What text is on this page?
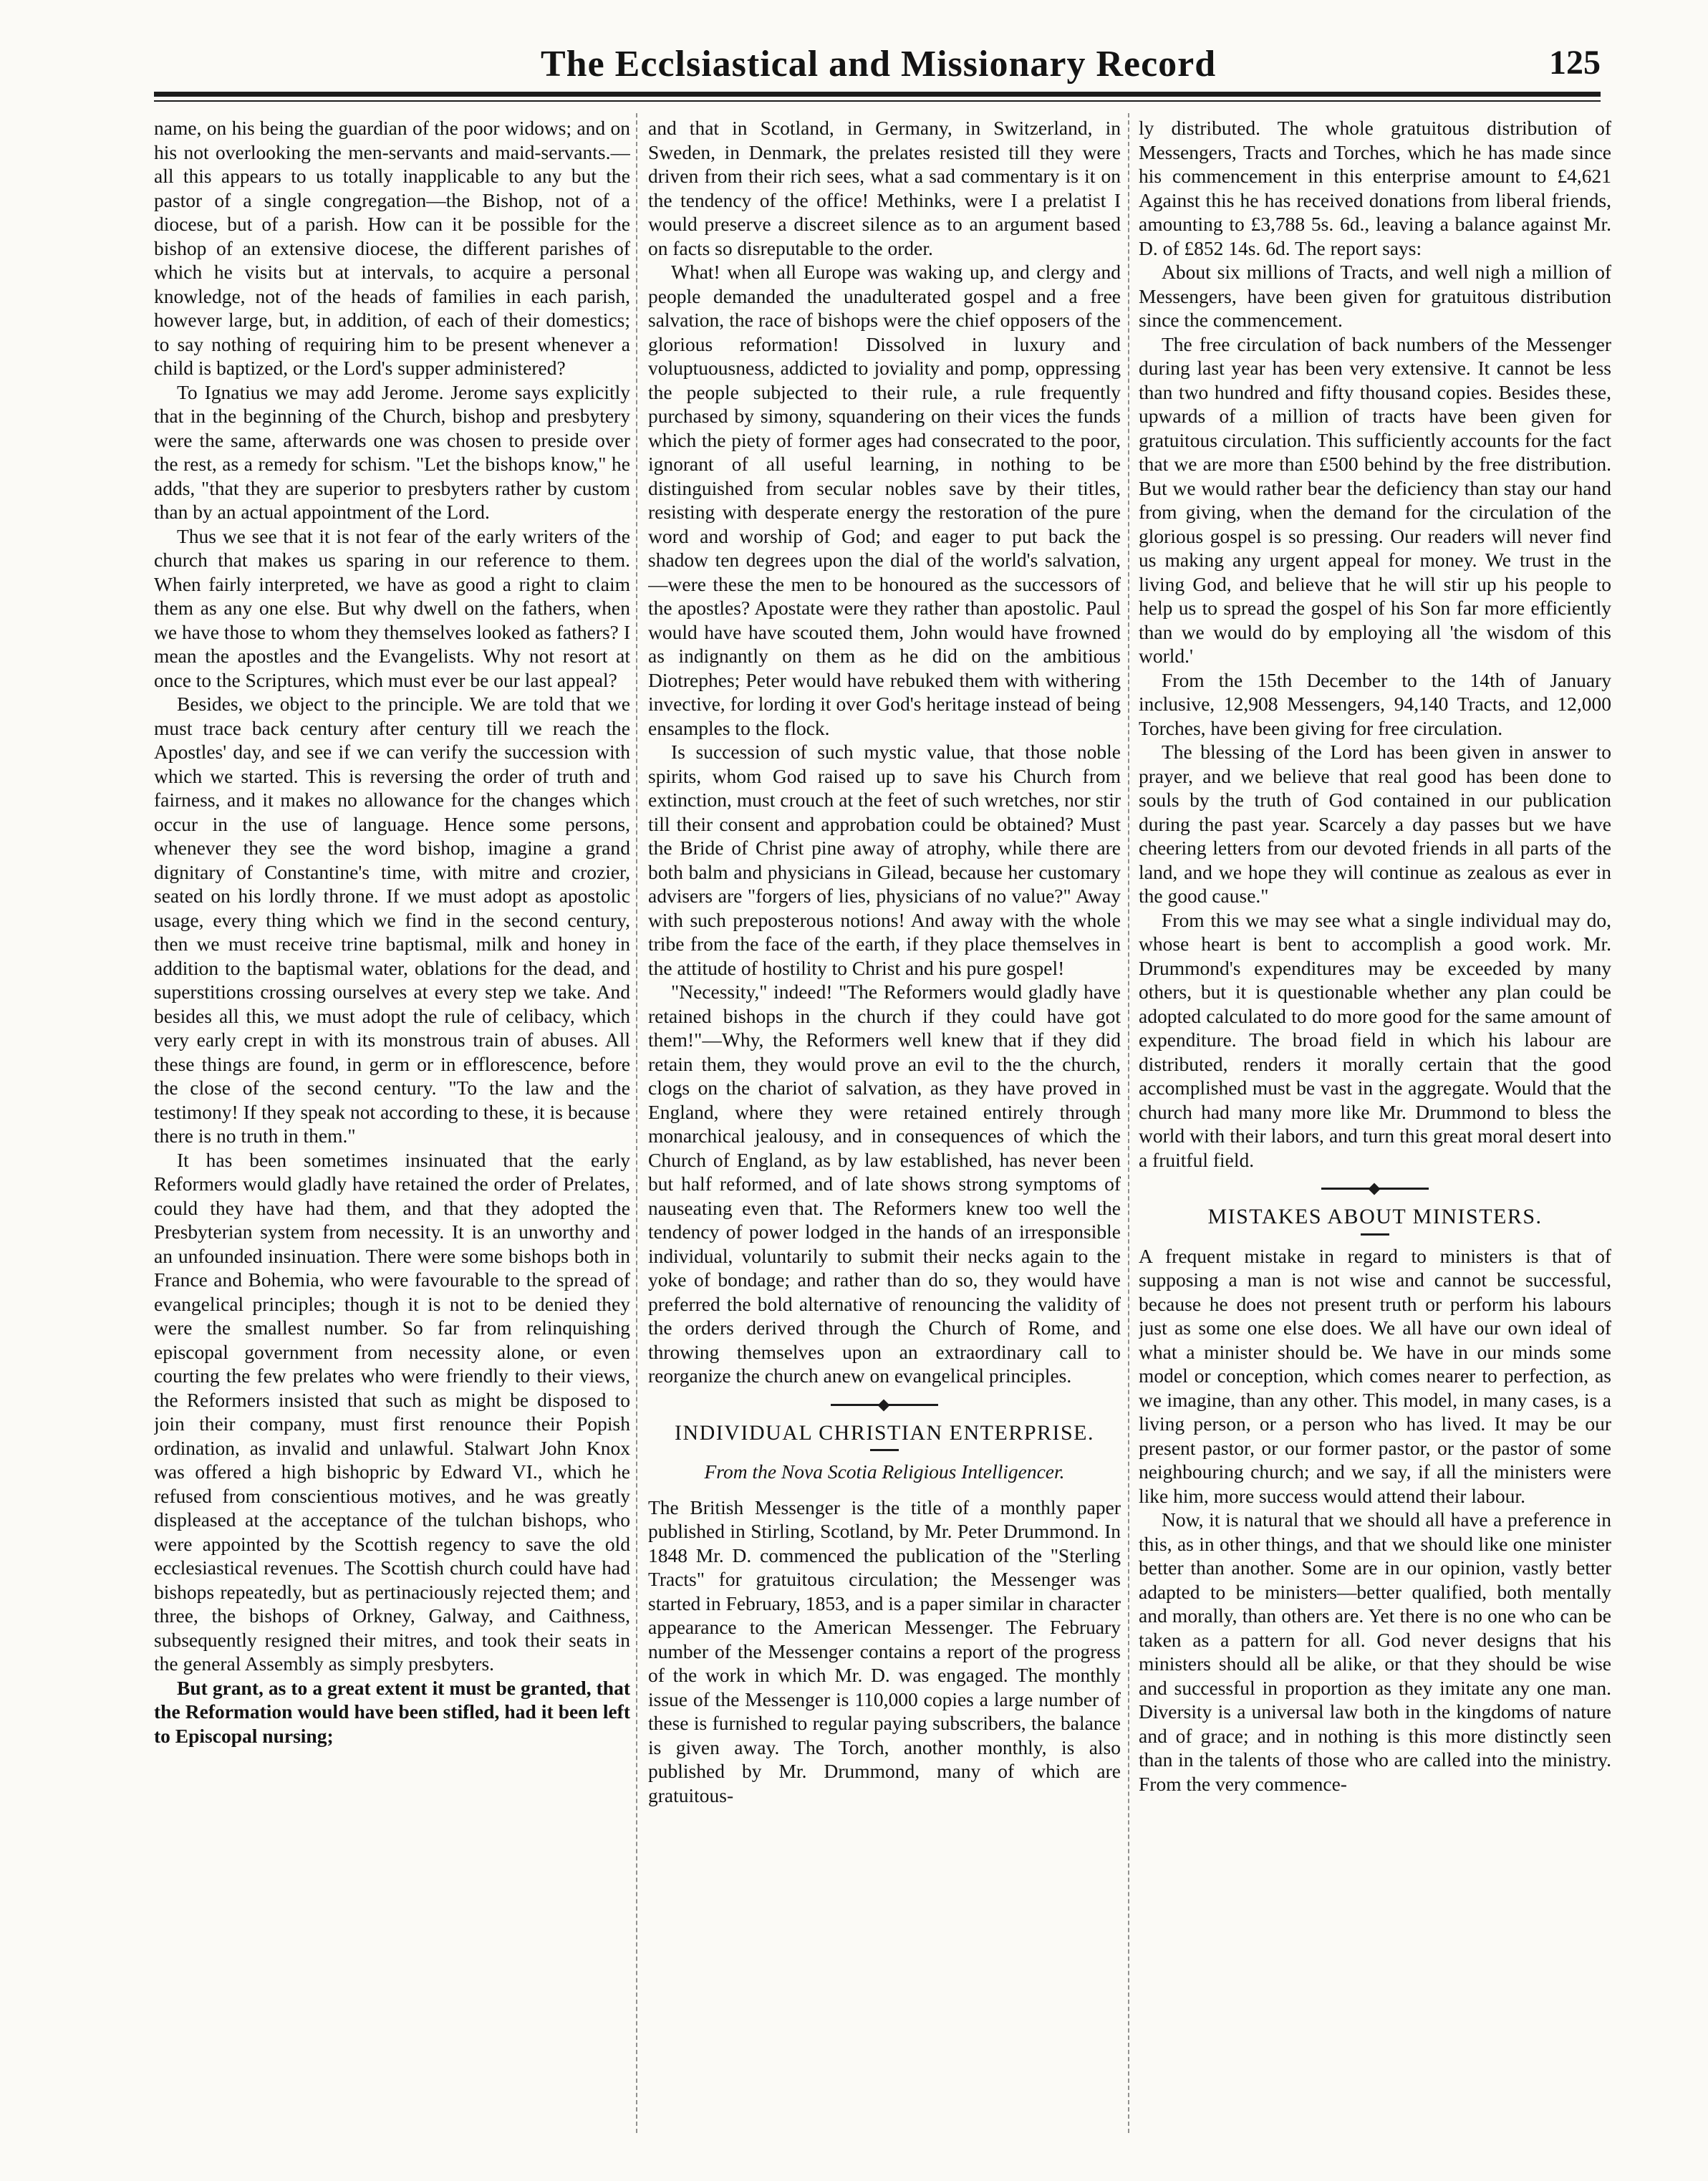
The Ecclsiastical and Missionary Record	125

name, on his being the guardian of the poor widows; and on his not overlooking the men-servants and maid-servants.—all this appears to us totally inapplicable to any but the pastor of a single congregation—the Bishop, not of a diocese, but of a parish. How can it be possible for the bishop of an extensive diocese, the different parishes of which he visits but at intervals, to acquire a personal knowledge, not of the heads of families in each parish, however large, but, in addition, of each of their domestics; to say nothing of requiring him to be present whenever a child is baptized, or the Lord's supper administered?

To Ignatius we may add Jerome. Jerome says explicitly that in the beginning of the Church, bishop and presbytery were the same, afterwards one was chosen to preside over the rest, as a remedy for schism. "Let the bishops know," he adds, "that they are superior to presbyters rather by custom than by an actual appointment of the Lord.

Thus we see that it is not fear of the early writers of the church that makes us sparing in our reference to them. When fairly interpreted, we have as good a right to claim them as any one else. But why dwell on the fathers, when we have those to whom they themselves looked as fathers? I mean the apostles and the Evangelists. Why not resort at once to the Scriptures, which must ever be our last appeal?

Besides, we object to the principle. We are told that we must trace back century after century till we reach the Apostles' day, and see if we can verify the succession with which we started. This is reversing the order of truth and fairness, and it makes no allowance for the changes which occur in the use of language. Hence some persons, whenever they see the word bishop, imagine a grand dignitary of Constantine's time, with mitre and crozier, seated on his lordly throne. If we must adopt as apostolic usage, every thing which we find in the second century, then we must receive trine baptismal, milk and honey in addition to the baptismal water, oblations for the dead, and superstitions crossing ourselves at every step we take. And besides all this, we must adopt the rule of celibacy, which very early crept in with its monstrous train of abuses. All these things are found, in germ or in efflorescence, before the close of the second century. "To the law and the testimony! If they speak not according to these, it is because there is no truth in them."

It has been sometimes insinuated that the early Reformers would gladly have retained the order of Prelates, could they have had them, and that they adopted the Presbyterian system from necessity. It is an unworthy and an unfounded insinuation. There were some bishops both in France and Bohemia, who were favourable to the spread of evangelical principles; though it is not to be denied they were the smallest number. So far from relinquishing episcopal government from necessity alone, or even courting the few prelates who were friendly to their views, the Reformers insisted that such as might be disposed to join their company, must first renounce their Popish ordination, as invalid and unlawful. Stalwart John Knox was offered a high bishopric by Edward VI., which he refused from conscientious motives, and he was greatly displeased at the acceptance of the tulchan bishops, who were appointed by the Scottish regency to save the old ecclesiastical revenues. The Scottish church could have had bishops repeatedly, but as pertinaciously rejected them; and three, the bishops of Orkney, Galway, and Caithness, subsequently resigned their mitres, and took their seats in the general Assembly as simply presbyters.

But grant, as to a great extent it must be granted, that the Reformation would have been stifled, had it been left to Episcopal nursing;

and that in Scotland, in Germany, in Switzerland, in Sweden, in Denmark, the prelates resisted till they were driven from their rich sees, what a sad commentary is it on the tendency of the office! Methinks, were I a prelatist I would preserve a discreet silence as to an argument based on facts so disreputable to the order.

What! when all Europe was waking up, and clergy and people demanded the unadulterated gospel and a free salvation, the race of bishops were the chief opposers of the glorious reformation! Dissolved in luxury and voluptuousness, addicted to joviality and pomp, oppressing the people subjected to their rule, a rule frequently purchased by simony, squandering on their vices the funds which the piety of former ages had consecrated to the poor, ignorant of all useful learning, in nothing to be distinguished from secular nobles save by their titles, resisting with desperate energy the restoration of the pure word and worship of God; and eager to put back the shadow ten degrees upon the dial of the world's salvation,—were these the men to be honoured as the successors of the apostles? Apostate were they rather than apostolic. Paul would have have scouted them, John would have frowned as indignantly on them as he did on the ambitious Diotrephes; Peter would have rebuked them with withering invective, for lording it over God's heritage instead of being ensamples to the flock.

Is succession of such mystic value, that those noble spirits, whom God raised up to save his Church from extinction, must crouch at the feet of such wretches, nor stir till their consent and approbation could be obtained? Must the Bride of Christ pine away of atrophy, while there are both balm and physicians in Gilead, because her customary advisers are "forgers of lies, physicians of no value?" Away with such preposterous notions! And away with the whole tribe from the face of the earth, if they place themselves in the attitude of hostility to Christ and his pure gospel!

"Necessity," indeed! "The Reformers would gladly have retained bishops in the church if they could have got them!"—Why, the Reformers well knew that if they did retain them, they would prove an evil to the the church, clogs on the chariot of salvation, as they have proved in England, where they were retained entirely through monarchical jealousy, and in consequences of which the Church of England, as by law established, has never been but half reformed, and of late shows strong symptoms of nauseating even that. The Reformers knew too well the tendency of power lodged in the hands of an irresponsible individual, voluntarily to submit their necks again to the yoke of bondage; and rather than do so, they would have preferred the bold alternative of renouncing the validity of the orders derived through the Church of Rome, and throwing themselves upon an extraordinary call to reorganize the church anew on evangelical principles.

INDIVIDUAL CHRISTIAN ENTERPRISE.
From the Nova Scotia Religious Intelligencer.

The British Messenger is the title of a monthly paper published in Stirling, Scotland, by Mr. Peter Drummond. In 1848 Mr. D. commenced the publication of the "Sterling Tracts" for gratuitous circulation; the Messenger was started in February, 1853, and is a paper similar in character appearance to the American Messenger. The February number of the Messenger contains a report of the progress of the work in which Mr. D. was engaged. The monthly issue of the Messenger is 110,000 copies a large number of these is furnished to regular paying subscribers, the balance is given away. The Torch, another monthly, is also published by Mr. Drummond, many of which are gratuitous-

ly distributed. The whole gratuitous distribution of Messengers, Tracts and Torches, which he has made since his commencement in this enterprise amount to £4,621 Against this he has received donations from liberal friends, amounting to £3,788 5s. 6d., leaving a balance against Mr. D. of £852 14s. 6d. The report says:

About six millions of Tracts, and well nigh a million of Messengers, have been given for gratuitous distribution since the commencement.

The free circulation of back numbers of the Messenger during last year has been very extensive. It cannot be less than two hundred and fifty thousand copies. Besides these, upwards of a million of tracts have been given for gratuitous circulation. This sufficiently accounts for the fact that we are more than £500 behind by the free distribution. But we would rather bear the deficiency than stay our hand from giving, when the demand for the circulation of the glorious gospel is so pressing. Our readers will never find us making any urgent appeal for money. We trust in the living God, and believe that he will stir up his people to help us to spread the gospel of his Son far more efficiently than we would do by employing all 'the wisdom of this world.'

From the 15th December to the 14th of January inclusive, 12,908 Messengers, 94,140 Tracts, and 12,000 Torches, have been giving for free circulation.

The blessing of the Lord has been given in answer to prayer, and we believe that real good has been done to souls by the truth of God contained in our publication during the past year. Scarcely a day passes but we have cheering letters from our devoted friends in all parts of the land, and we hope they will continue as zealous as ever in the good cause."

From this we may see what a single individual may do, whose heart is bent to accomplish a good work. Mr. Drummond's expenditures may be exceeded by many others, but it is questionable whether any plan could be adopted calculated to do more good for the same amount of expenditure. The broad field in which his labour are distributed, renders it morally certain that the good accomplished must be vast in the aggregate. Would that the church had many more like Mr. Drummond to bless the world with their labors, and turn this great moral desert into a fruitful field.

MISTAKES ABOUT MINISTERS.

A frequent mistake in regard to ministers is that of supposing a man is not wise and cannot be successful, because he does not present truth or perform his labours just as some one else does. We all have our own ideal of what a minister should be. We have in our minds some model or conception, which comes nearer to perfection, as we imagine, than any other. This model, in many cases, is a living person, or a person who has lived. It may be our present pastor, or our former pastor, or the pastor of some neighbouring church; and we say, if all the ministers were like him, more success would attend their labour.

Now, it is natural that we should all have a preference in this, as in other things, and that we should like one minister better than another. Some are in our opinion, vastly better adapted to be ministers—better qualified, both mentally and morally, than others are. Yet there is no one who can be taken as a pattern for all. God never designs that his ministers should all be alike, or that they should be wise and successful in proportion as they imitate any one man. Diversity is a universal law both in the kingdoms of nature and of grace; and in nothing is this more distinctly seen than in the talents of those who are called into the ministry. From the very commence-
